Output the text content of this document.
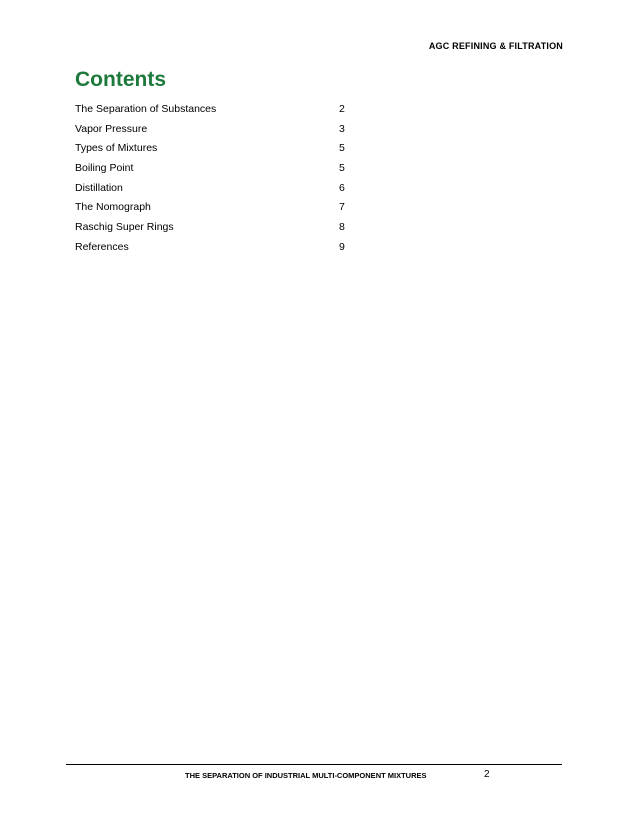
AGC REFINING & FILTRATION
Contents
The Separation of Substances	2
Vapor Pressure	3
Types of Mixtures	5
Boiling Point	5
Distillation	6
The Nomograph	7
Raschig Super Rings	8
References	9
THE SEPARATION OF INDUSTRIAL MULTI-COMPONENT MIXTURES	2
